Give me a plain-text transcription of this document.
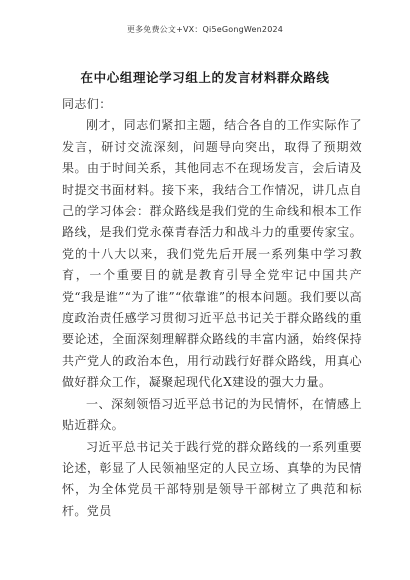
更多免费公文+VX：Qi5eGongWen2024
在中心组理论学习组上的发言材料群众路线

同志们：

刚才，同志们紧扣主题，结合各自的工作实际作了发言，研讨交流深刻，问题导向突出，取得了预期效果。由于时间关系，其他同志不在现场发言，会后请及时提交书面材料。接下来，我结合工作情况，讲几点自己的学习体会：群众路线是我们党的生命线和根本工作路线，是我们党永葆青春活力和战斗力的重要传家宝。党的十八大以来，我们党先后开展一系列集中学习教育，一个重要目的就是教育引导全党牢记中国共产党“我是谁”“为了谁”“依靠谁”的根本问题。我们要以高度政治责任感学习贯彻习近平总书记关于群众路线的重要论述，全面深刻理解群众路线的丰富内涵，始终保持共产党人的政治本色，用行动践行好群众路线，用真心做好群众工作，凝聚起现代化X建设的强大力量。

一、深刻领悟习近平总书记的为民情怀，在情感上贴近群众。

习近平总书记关于践行党的群众路线的一系列重要论述，彰显了人民领袖坚定的人民立场、真挚的为民情怀，为全体党员干部特别是领导干部树立了典范和标杆。党员
